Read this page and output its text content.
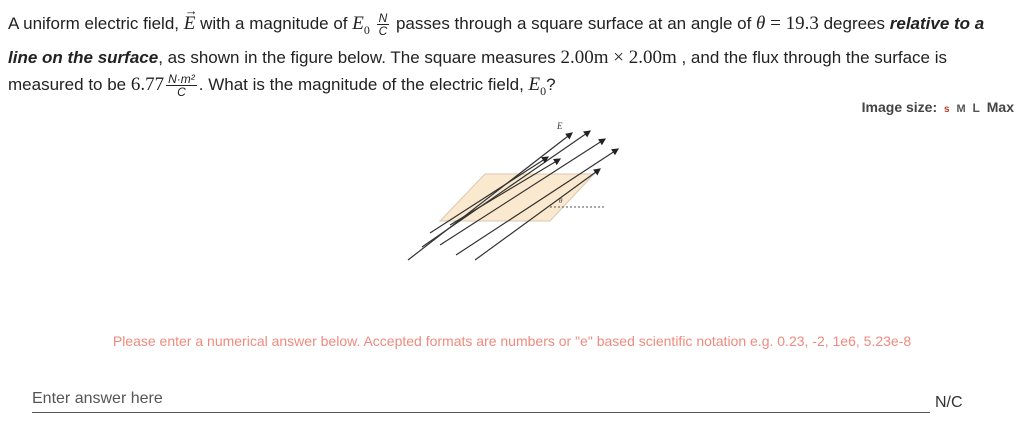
A uniform electric field, E
→
with a magnitude of $E_0 \frac{N}{C}$ passes through a square surface at an angle of θ = 19.3 degrees relative to a line on the surface, as shown in the figure below. The square measures 2.00m × 2.00m , and the flux through the surface is measured to be $6.77 \frac{\text{N·m²}}{C}$ . What is the magnitude of the electric field, $E_0$?
Image size: s M L Max
E
θ
Please enter a numerical answer below. Accepted formats are numbers or "e" based scientific notation e.g. 0.23, -2, 1e6, 5.23e-8
Enter answer here
N/C
